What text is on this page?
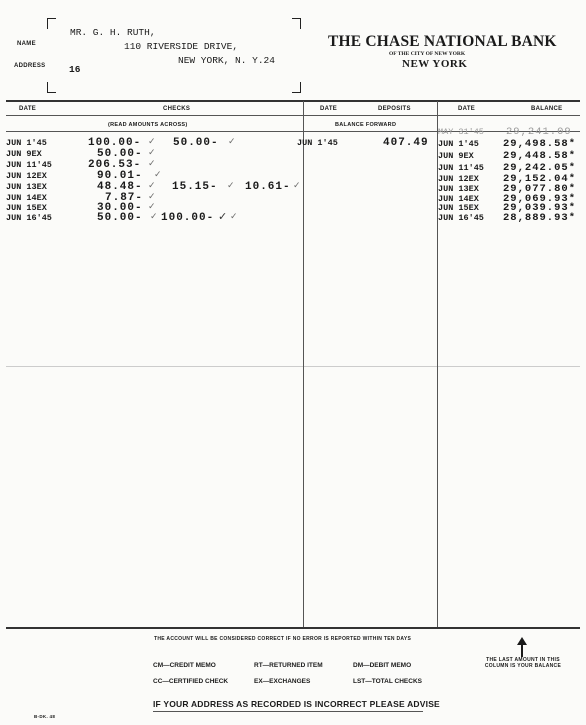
NAME
ADDRESS
MR. G. H. RUTH,
110 RIVERSIDE DRIVE,
NEW YORK, N. Y.24
16
THE CHASE NATIONAL BANK
OF THE CITY OF NEW YORK
NEW YORK
DATE	CHECKS	DATE	DEPOSITS	DATE	BALANCE
(READ AMOUNTS ACROSS)	BALANCE FORWARD
JUN 1'45	100.00- ✓ 50.00- ✓
JUN 9EX	50.00- ✓
JUN 11'45	206.53- ✓
JUN 12EX	90.01- ✓
JUN 13EX	48.48- ✓ 15.15- ✓ 10.61- ✓
JUN 14EX	7.87- ✓
JUN 15EX	30.00- ✓
JUN 16'45	50.00- ✓ 100.00- ✓ ✓
JUN 1'45	407.49
MAY 31'45 29,241.09
JUN 1'45 29,498.58*
JUN 9EX	29,448.58*
JUN 11'45 29,242.05*
JUN 12EX 29,152.04*
JUN 13EX 29,077.80*
JUN 14EX 29,069.93*
JUN 15EX 29,039.93*
JUN 16'45 28,889.93*
THE ACCOUNT WILL BE CONSIDERED CORRECT IF NO ERROR IS REPORTED WITHIN TEN DAYS
CM—CREDIT MEMO	RT—RETURNED ITEM	DM—DEBIT MEMO
CC—CERTIFIED CHECK	EX—EXCHANGES	LST—TOTAL CHECKS
THE LAST AMOUNT IN THIS COLUMN IS YOUR BALANCE
IF YOUR ADDRESS AS RECORDED IS INCORRECT PLEASE ADVISE
B-DK. 48
